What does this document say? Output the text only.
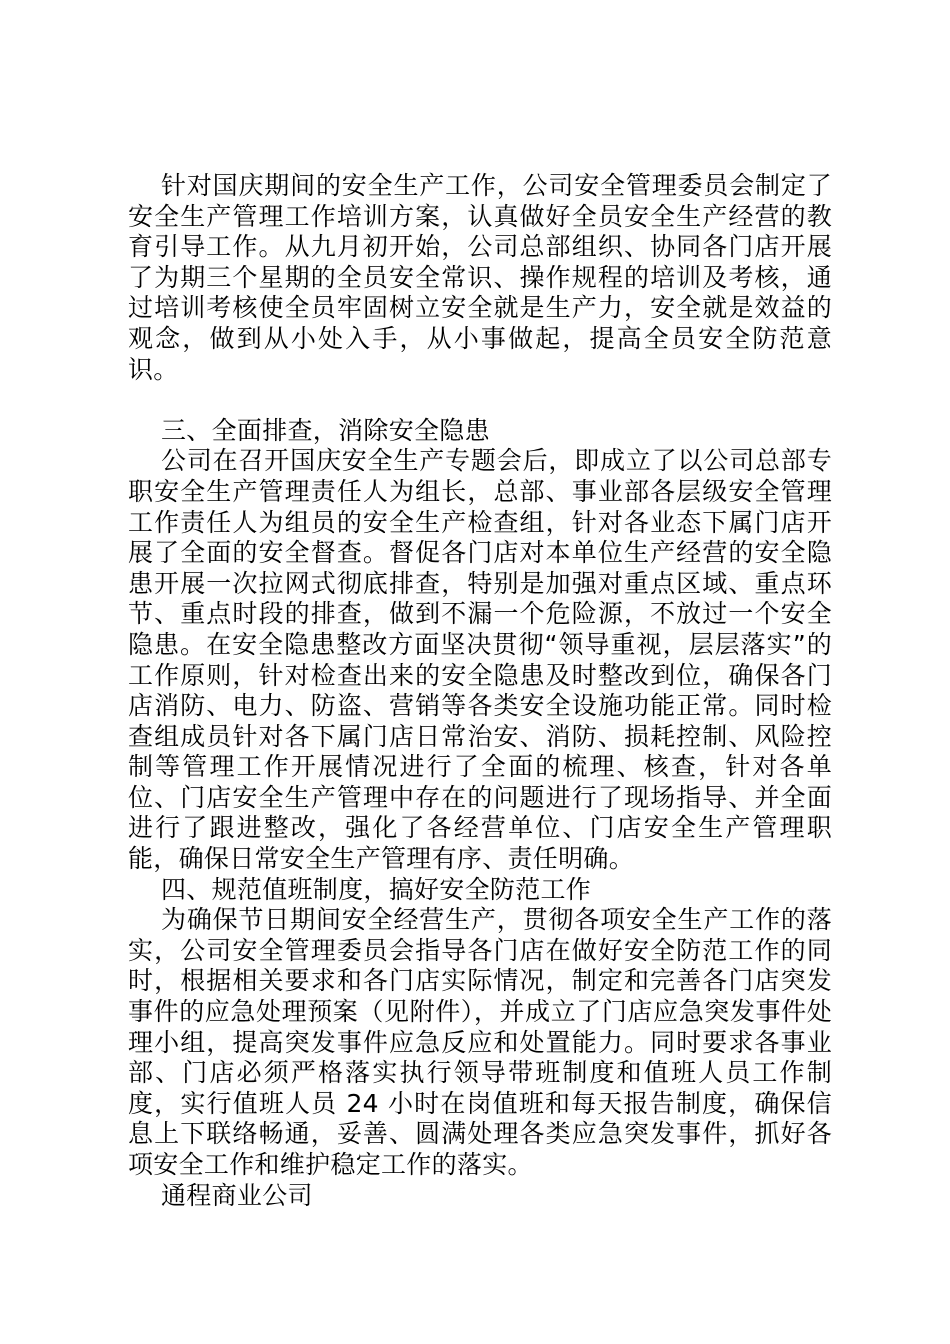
针对国庆期间的安全生产工作，公司安全管理委员会制定了安全生产管理工作培训方案，认真做好全员安全生产经营的教育引导工作。从九月初开始，公司总部组织、协同各门店开展了为期三个星期的全员安全常识、操作规程的培训及考核，通过培训考核使全员牢固树立安全就是生产力，安全就是效益的观念，做到从小处入手，从小事做起，提高全员安全防范意识。

三、全面排查，消除安全隐患

公司在召开国庆安全生产专题会后，即成立了以公司总部专职安全生产管理责任人为组长，总部、事业部各层级安全管理工作责任人为组员的安全生产检查组，针对各业态下属门店开展了全面的安全督查。督促各门店对本单位生产经营的安全隐患开展一次拉网式彻底排查，特别是加强对重点区域、重点环节、重点时段的排查，做到不漏一个危险源，不放过一个安全隐患。在安全隐患整改方面坚决贯彻“领导重视，层层落实”的工作原则，针对检查出来的安全隐患及时整改到位，确保各门店消防、电力、防盗、营销等各类安全设施功能正常。同时检查组成员针对各下属门店日常治安、消防、损耗控制、风险控制等管理工作开展情况进行了全面的梳理、核查，针对各单位、门店安全生产管理中存在的问题进行了现场指导、并全面进行了跟进整改，强化了各经营单位、门店安全生产管理职能，确保日常安全生产管理有序、责任明确。

四、规范值班制度，搞好安全防范工作

为确保节日期间安全经营生产，贯彻各项安全生产工作的落实，公司安全管理委员会指导各门店在做好安全防范工作的同时，根据相关要求和各门店实际情况，制定和完善各门店突发事件的应急处理预案（见附件），并成立了门店应急突发事件处理小组，提高突发事件应急反应和处置能力。同时要求各事业部、门店必须严格落实执行领导带班制度和值班人员工作制度，实行值班人员 24 小时在岗值班和每天报告制度，确保信息上下联络畅通，妥善、圆满处理各类应急突发事件，抓好各项安全工作和维护稳定工作的落实。

通程商业公司
